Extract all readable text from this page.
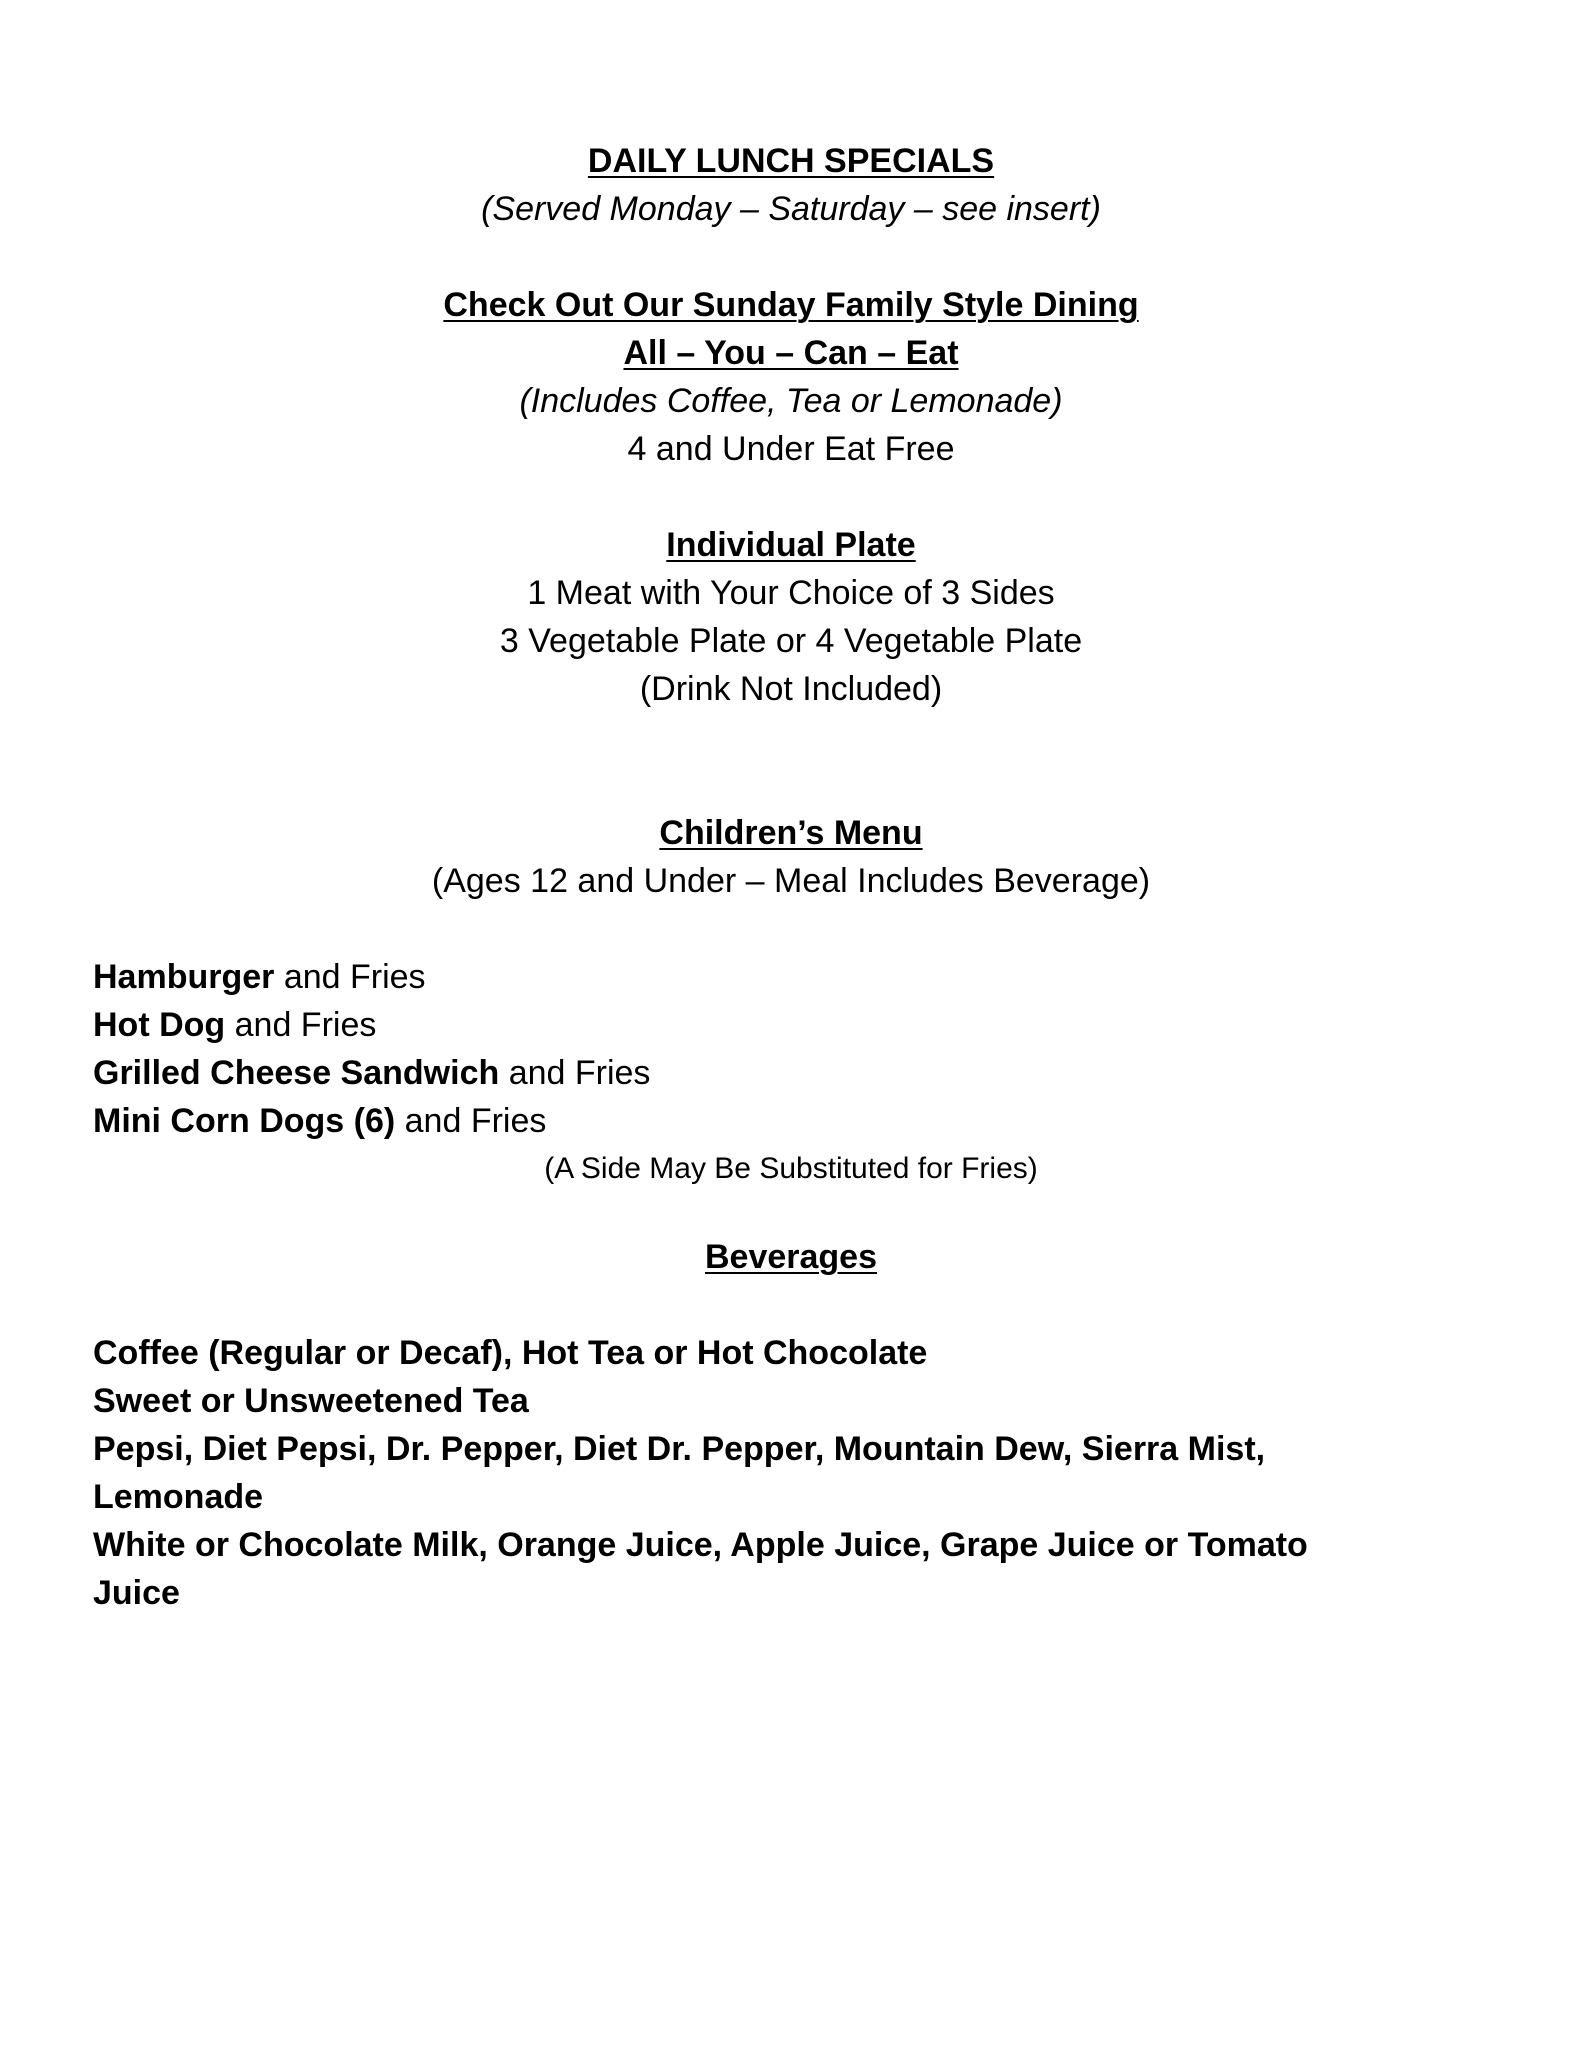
DAILY LUNCH SPECIALS
(Served Monday – Saturday – see insert)
Check Out Our Sunday Family Style Dining
All – You – Can – Eat
(Includes Coffee, Tea or Lemonade)
4 and Under Eat Free
Individual Plate
1 Meat with Your Choice of 3 Sides
3 Vegetable Plate or 4 Vegetable Plate
(Drink Not Included)
Children’s Menu
(Ages 12 and Under – Meal Includes Beverage)
Hamburger and Fries
Hot Dog and Fries
Grilled Cheese Sandwich and Fries
Mini Corn Dogs (6) and Fries
(A Side May Be Substituted for Fries)
Beverages
Coffee (Regular or Decaf), Hot Tea or Hot Chocolate
Sweet or Unsweetened Tea
Pepsi, Diet Pepsi, Dr. Pepper, Diet Dr. Pepper, Mountain Dew, Sierra Mist,
Lemonade
White or Chocolate Milk, Orange Juice, Apple Juice, Grape Juice or Tomato
Juice
